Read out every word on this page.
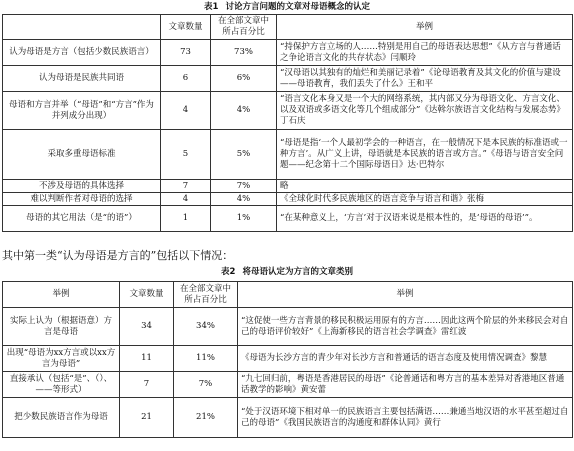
表1 讨论方言问题的文章对母语概念的认定
	文章数量	在全部文章中所占百分比	举例
认为母语是方言（包括少数民族语言）	73	73%	“持保护方言立场的人……特别是用自己的母语表达思想”《从方言与普通话之争论语言文化的共存状态》闫顺玲
认为母语是民族共同语	6	6%	“汉母语以其独有的灿烂和美丽记录着”《论母语教育及其文化的价值与建设——母语教育，我们丢失了什么》王和平
母语和方言并举（“母语”和“方言”作为并列成分出现）	4	4%	“语言文化本身又是一个大的网络系统，其内部又分为母语文化、方言文化、以及双语或多语文化等几个组成部分”《达斡尔族语言文化结构与发展态势》丁石庆
采取多重母语标准	5	5%	“母语是指‘一个人最初学会的一种语言，在一般情况下是本民族的标准语或一种方言’。从广义上讲，母语就是本民族的语言或方言。”《母语与语言安全问题——纪念第十二个国际母语日》达·巴特尔
不涉及母语的具体选择	7	7%	略
难以判断作者对母语的选择	4	4%	《全球化时代多民族地区的语言竞争与语言和谐》张梅
母语的其它用法（是“的语”）	1	1%	“在某种意义上，‘方言’对于汉语来说是根本性的，是‘母语的母语’”。
其中第一类“认为母语是方言的”包括以下情况：
表2 将母语认定为方言的文章类别
举例	文章数量	在全部文章中所占百分比	举例
实际上认为（根据语意）方言是母语	34	34%	“这促使一些方言背景的移民积极运用原有的方言……因此这两个阶层的外来移民会对自己的母语评价较好”《上海新移民的语言社会学调查》雷红波
出现“母语为xx方言或以xx方言为母语”	11	11%	《母语为长沙方言的青少年对长沙方言和普通话的语言态度及使用情况调查》黎慧
直接承认（包括“是”、（）、——等形式）	7	7%	“九七回归前，粤语是香港居民的母语”《论普通话和粤方言的基本差异对香港地区普通话教学的影响》黄安蕾
把少数民族语言作为母语	21	21%	“处于汉语环境下相对单一的民族语言主要包括满语……兼通当地汉语的水平甚至超过自己的母语”《我国民族语言的沟通度和群体认同》黄行
